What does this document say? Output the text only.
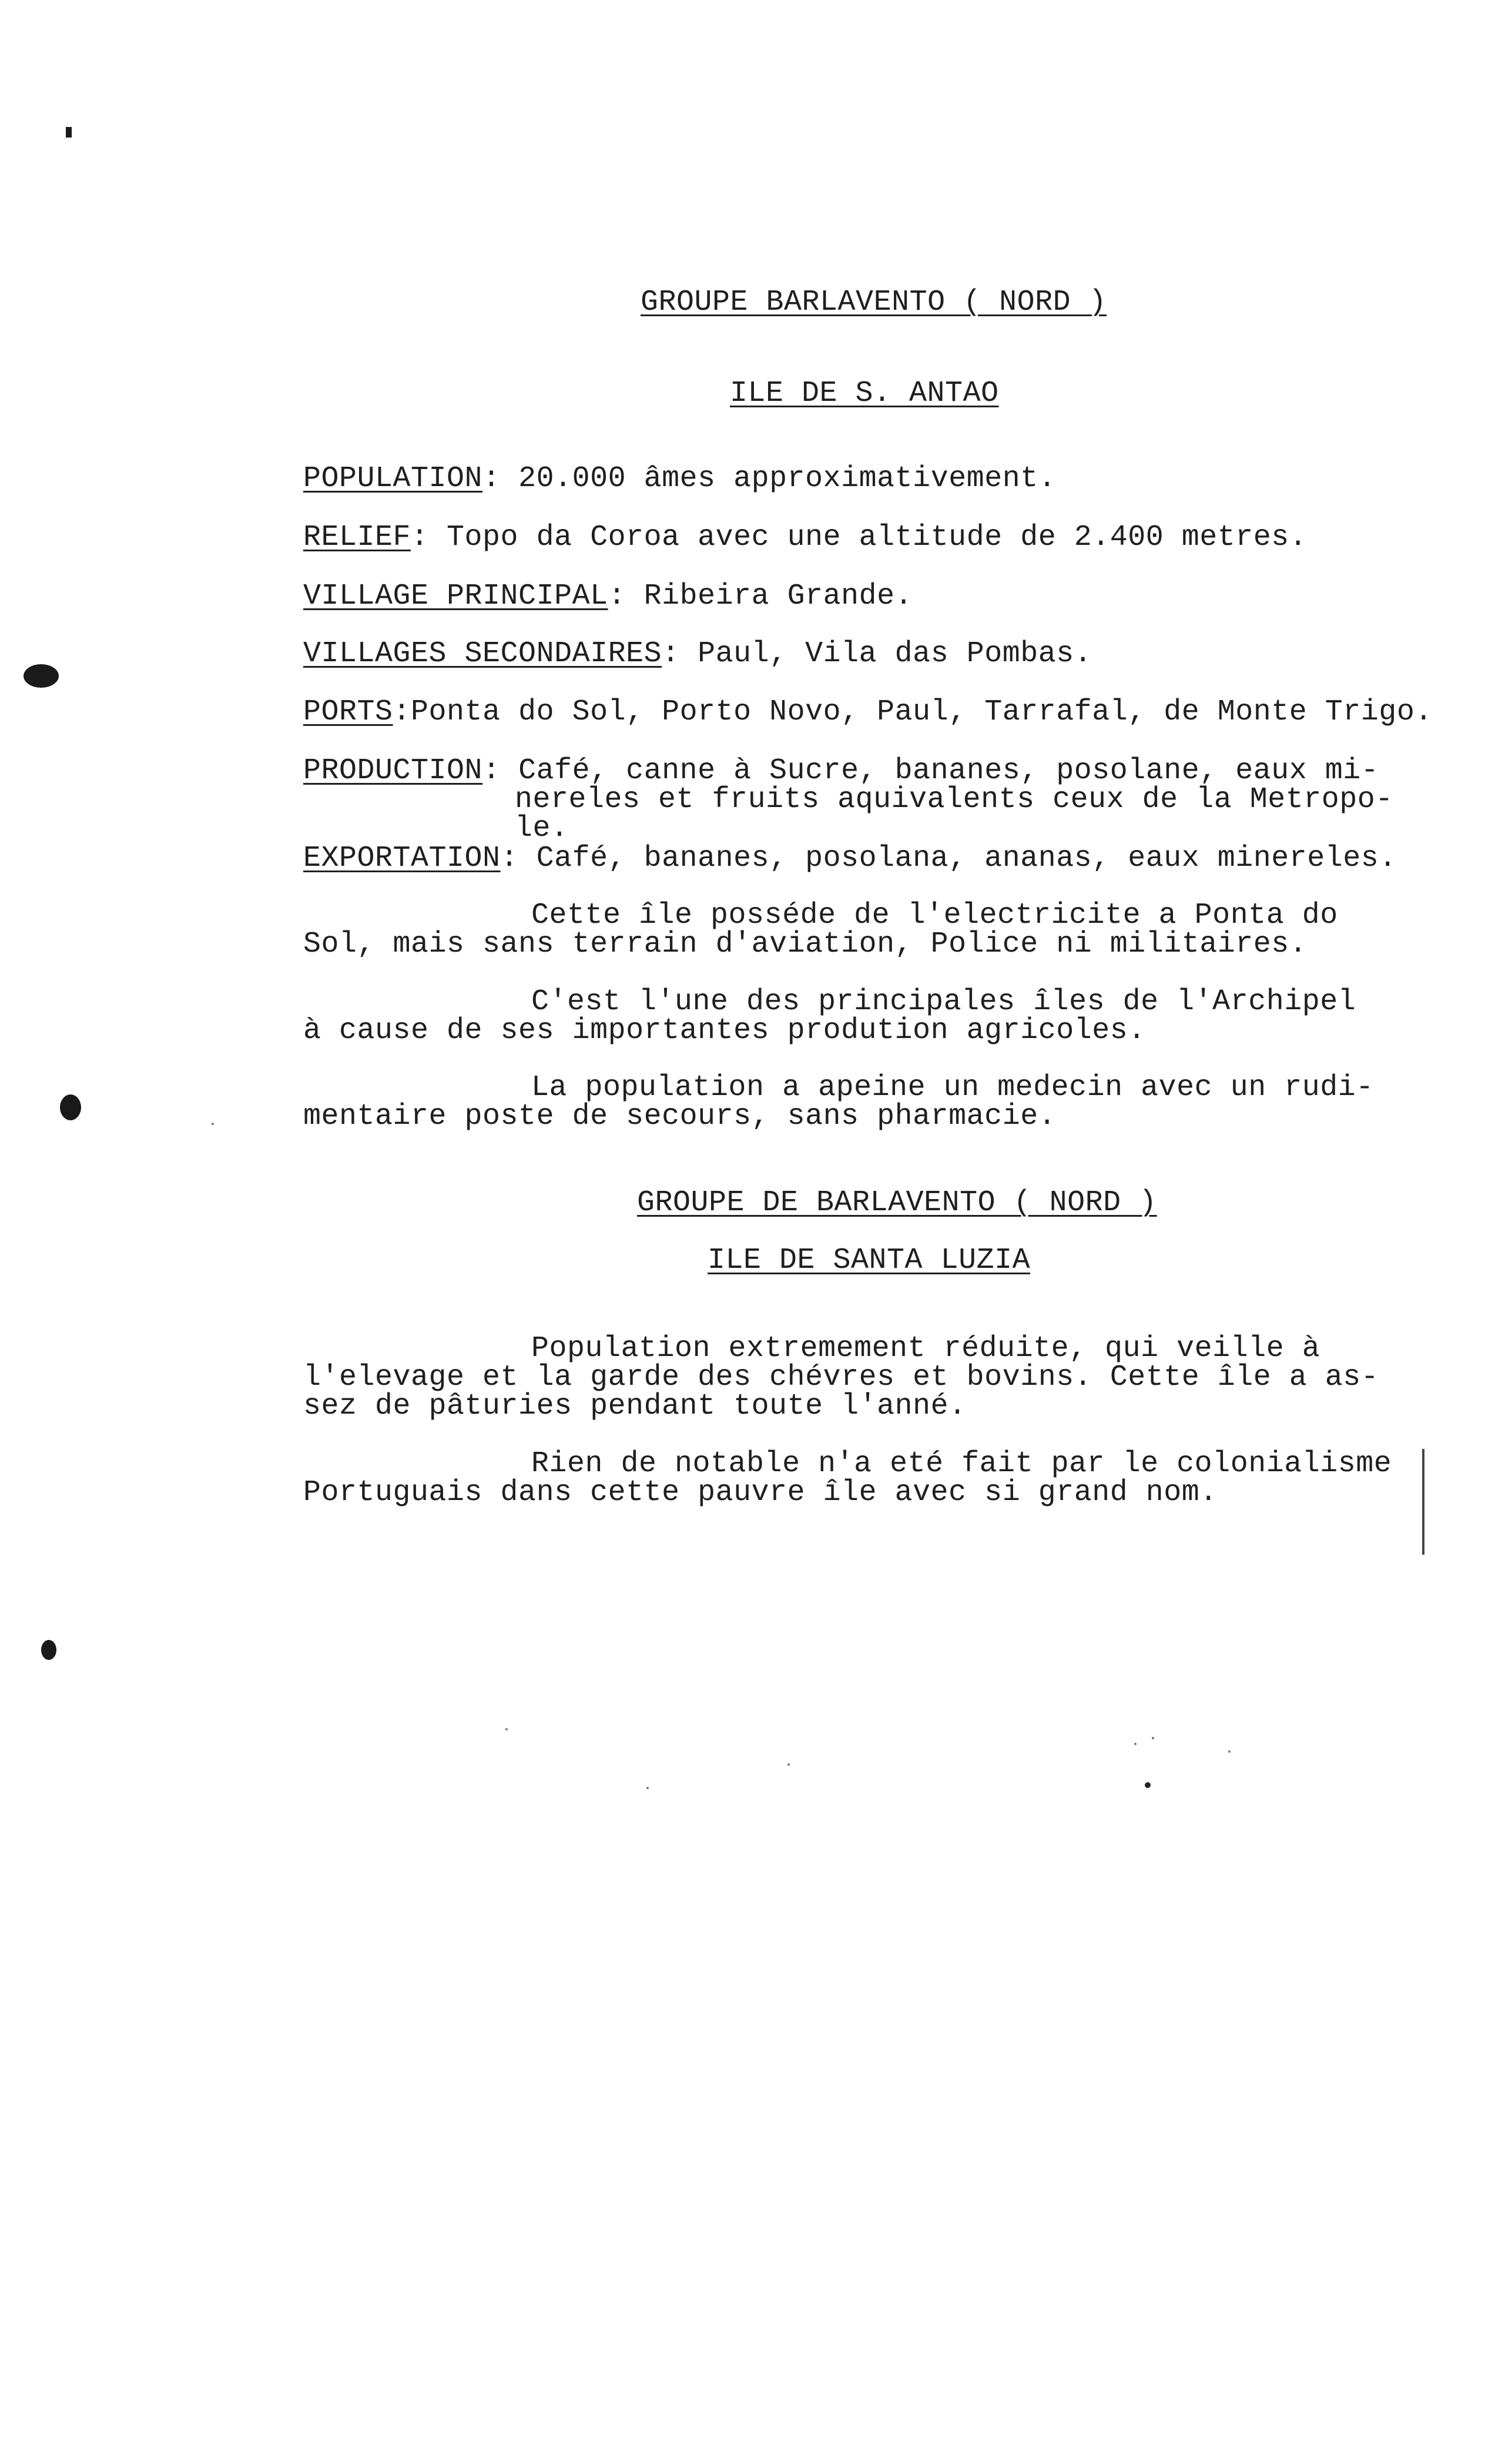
GROUPE BARLAVENTO ( NORD )
ILE DE S. ANTAO
POPULATION: 20.000 âmes approximativement.
RELIEF: Topo da Coroa avec une altitude de 2.400 metres.
VILLAGE PRINCIPAL: Ribeira Grande.
VILLAGES SECONDAIRES: Paul, Vila das Pombas.
PORTS:Ponta do Sol, Porto Novo, Paul, Tarrafal, de Monte Trigo.
PRODUCTION: Café, canne à Sucre, bananes, posolane, eaux mi-
nereles et fruits aquivalents ceux de la Metropo-
le.
EXPORTATION: Café, bananes, posolana, ananas, eaux minereles.
Cette île posséde de l'electricite a Ponta do
Sol, mais sans terrain d'aviation, Police ni militaires.
C'est l'une des principales îles de l'Archipel
à cause de ses importantes prodution agricoles.
La population a apeine un medecin avec un rudi-
mentaire poste de secours, sans pharmacie.
GROUPE DE BARLAVENTO ( NORD )
ILE DE SANTA LUZIA
Population extremement réduite, qui veille à
l'elevage et la garde des chévres et bovins. Cette île a as-
sez de pâturies pendant toute l'anné.
Rien de notable n'a eté fait par le colonialisme
Portuguais dans cette pauvre île avec si grand nom.
